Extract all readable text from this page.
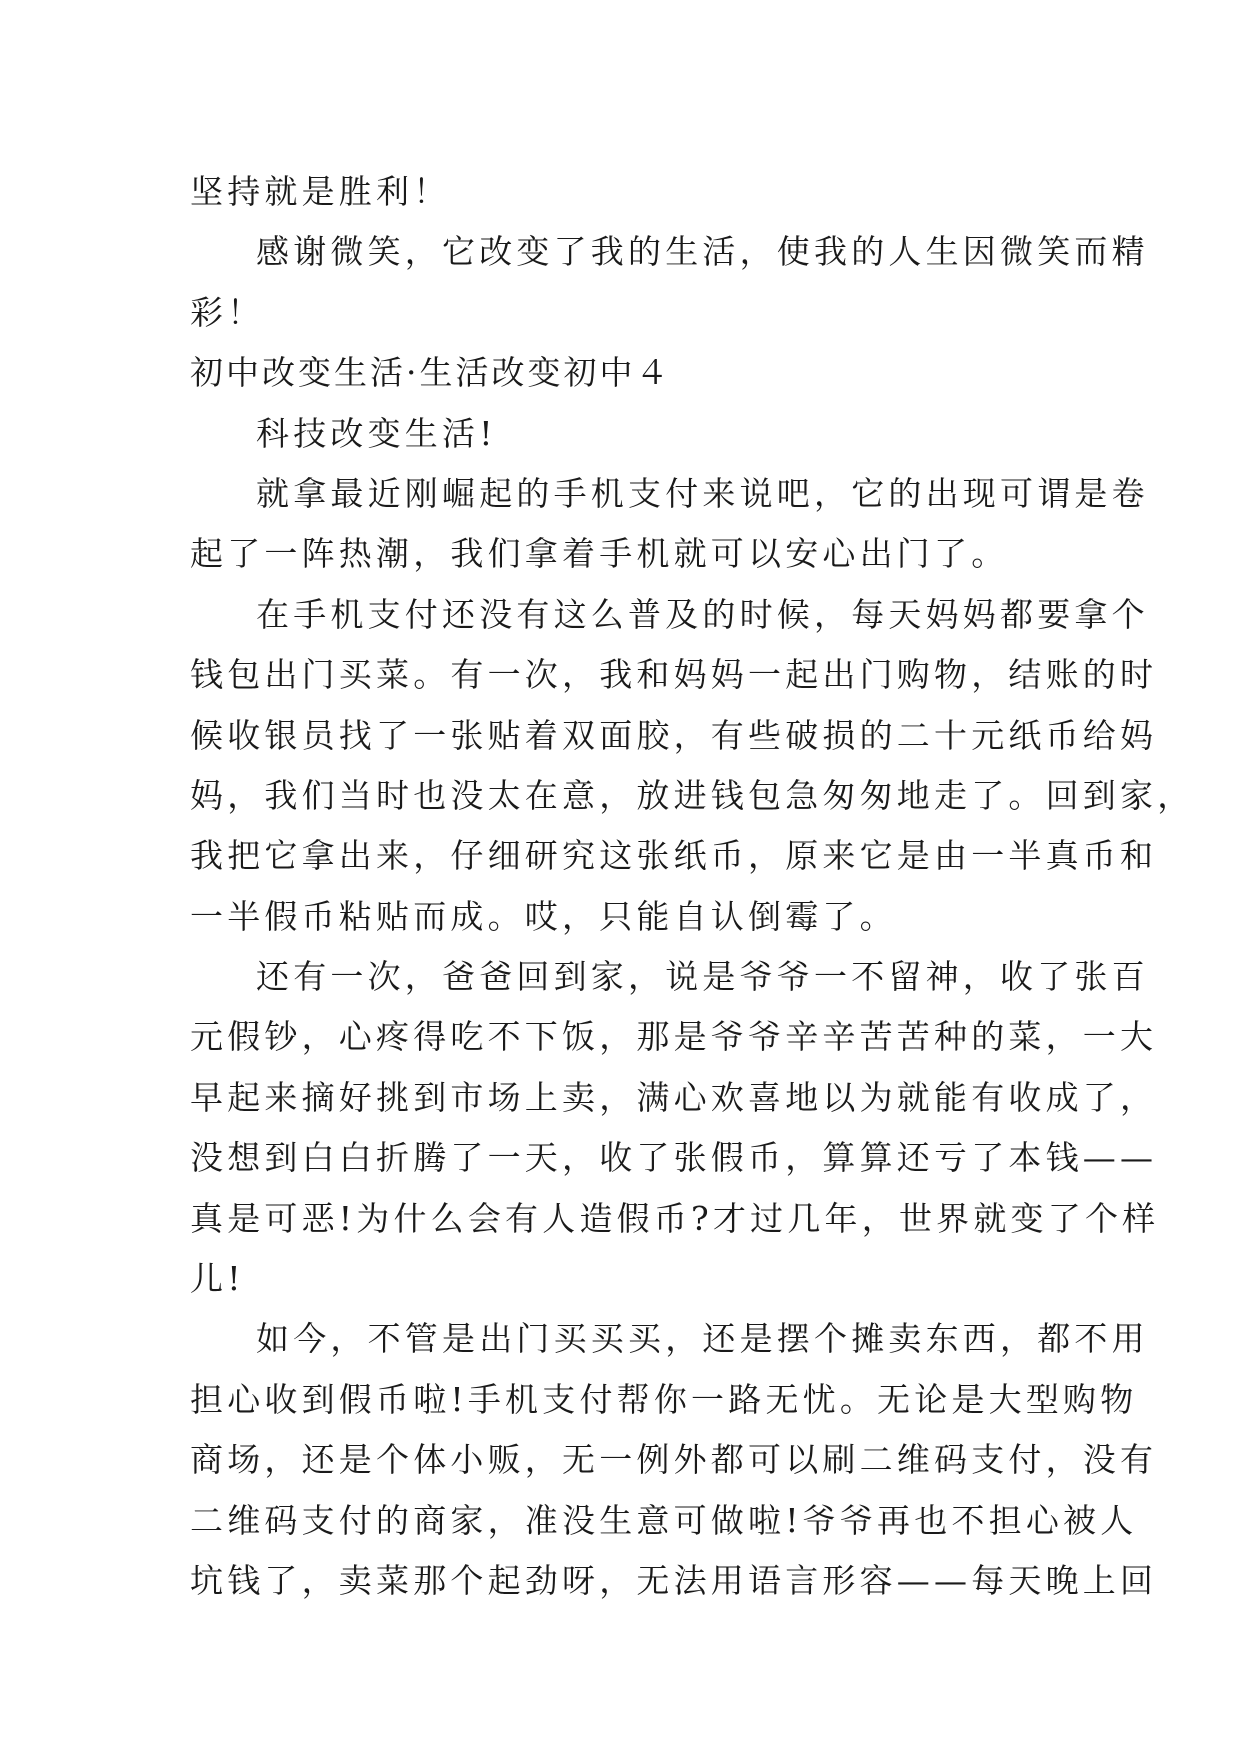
坚持就是胜利！
感谢微笑，它改变了我的生活，使我的人生因微笑而精
彩！
初中改变生活·生活改变初中４
科技改变生活!
就拿最近刚崛起的手机支付来说吧，它的出现可谓是卷
起了一阵热潮，我们拿着手机就可以安心出门了。
在手机支付还没有这么普及的时候，每天妈妈都要拿个
钱包出门买菜。有一次，我和妈妈一起出门购物，结账的时
候收银员找了一张贴着双面胶，有些破损的二十元纸币给妈
妈，我们当时也没太在意，放进钱包急匆匆地走了。回到家，
我把它拿出来，仔细研究这张纸币，原来它是由一半真币和
一半假币粘贴而成。哎，只能自认倒霉了。
还有一次，爸爸回到家，说是爷爷一不留神，收了张百
元假钞，心疼得吃不下饭，那是爷爷辛辛苦苦种的菜，一大
早起来摘好挑到市场上卖，满心欢喜地以为就能有收成了，
没想到白白折腾了一天，收了张假币，算算还亏了本钱——
真是可恶!为什么会有人造假币?才过几年，世界就变了个样
儿!
如今，不管是出门买买买，还是摆个摊卖东西，都不用
担心收到假币啦!手机支付帮你一路无忧。无论是大型购物
商场，还是个体小贩，无一例外都可以刷二维码支付，没有
二维码支付的商家，准没生意可做啦!爷爷再也不担心被人
坑钱了，卖菜那个起劲呀，无法用语言形容——每天晚上回
